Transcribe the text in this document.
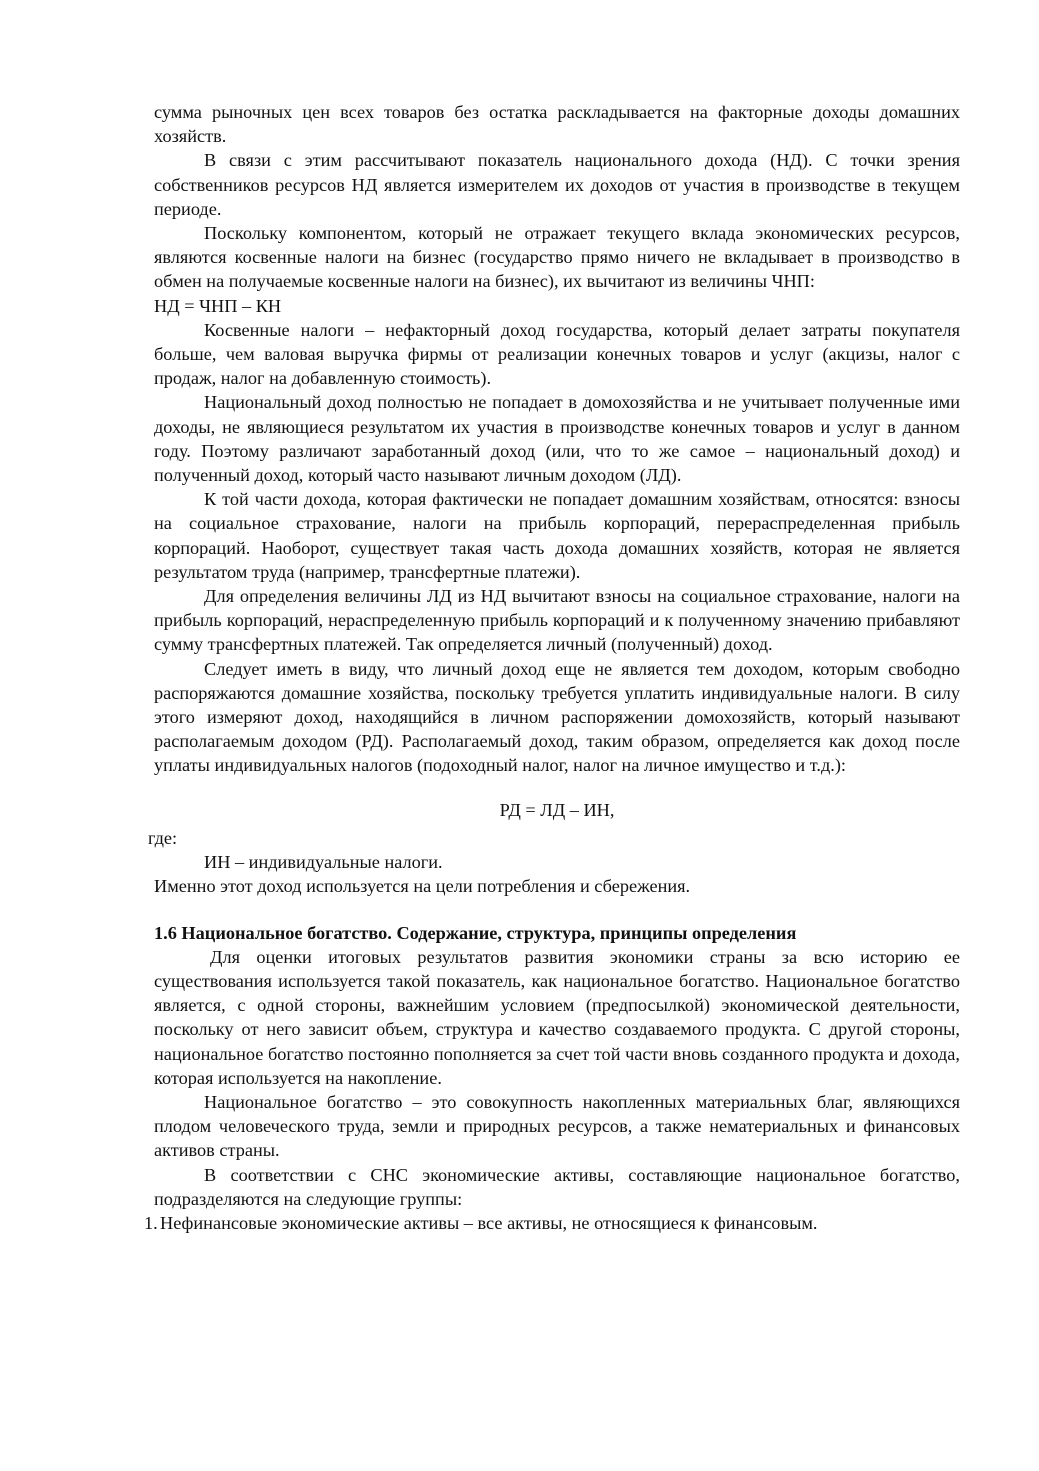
сумма рыночных цен всех товаров без остатка раскладывается на факторные доходы домашних хозяйств.

В связи с этим рассчитывают показатель национального дохода (НД). С точки зрения собственников ресурсов НД является измерителем их доходов от участия в производстве в текущем периоде.

Поскольку компонентом, который не отражает текущего вклада экономических ресурсов, являются косвенные налоги на бизнес (государство прямо ничего не вкладывает в производство в обмен на получаемые косвенные налоги на бизнес), их вычитают из величины ЧНП:

НД = ЧНП – КН

Косвенные налоги – нефакторный доход государства, который делает затраты покупателя больше, чем валовая выручка фирмы от реализации конечных товаров и услуг (акцизы, налог с продаж, налог на добавленную стоимость).

Национальный доход полностью не попадает в домохозяйства и не учитывает полученные ими доходы, не являющиеся результатом их участия в производстве конечных товаров и услуг в данном году. Поэтому различают заработанный доход (или, что то же самое – национальный доход) и полученный доход, который часто называют личным доходом (ЛД).

К той части дохода, которая фактически не попадает домашним хозяйствам, относятся: взносы на социальное страхование, налоги на прибыль корпораций, перераспределенная прибыль корпораций. Наоборот, существует такая часть дохода домашних хозяйств, которая не является результатом труда (например, трансфертные платежи).

Для определения величины ЛД из НД вычитают взносы на социальное страхование, налоги на прибыль корпораций, нераспределенную прибыль корпораций и к полученному значению прибавляют сумму трансфертных платежей. Так определяется личный (полученный) доход.

Следует иметь в виду, что личный доход еще не является тем доходом, которым свободно распоряжаются домашние хозяйства, поскольку требуется уплатить индивидуальные налоги. В силу этого измеряют доход, находящийся в личном распоряжении домохозяйств, который называют располагаемым доходом (РД). Располагаемый доход, таким образом, определяется как доход после уплаты индивидуальных налогов (подоходный налог, налог на личное имущество и т.д.):

РД = ЛД – ИН,

где:

ИН – индивидуальные налоги.

Именно этот доход используется на цели потребления и сбережения.

1.6 Национальное богатство. Содержание, структура, принципы определения

Для оценки итоговых результатов развития экономики страны за всю историю ее существования используется такой показатель, как национальное богатство. Национальное богатство является, с одной стороны, важнейшим условием (предпосылкой) экономической деятельности, поскольку от него зависит объем, структура и качество создаваемого продукта. С другой стороны, национальное богатство постоянно пополняется за счет той части вновь созданного продукта и дохода, которая используется на накопление.

Национальное богатство – это совокупность накопленных материальных благ, являющихся плодом человеческого труда, земли и природных ресурсов, а также нематериальных и финансовых активов страны.

В соответствии с СНС экономические активы, составляющие национальное богатство, подразделяются на следующие группы:

1. Нефинансовые экономические активы – все активы, не относящиеся к финансовым.
